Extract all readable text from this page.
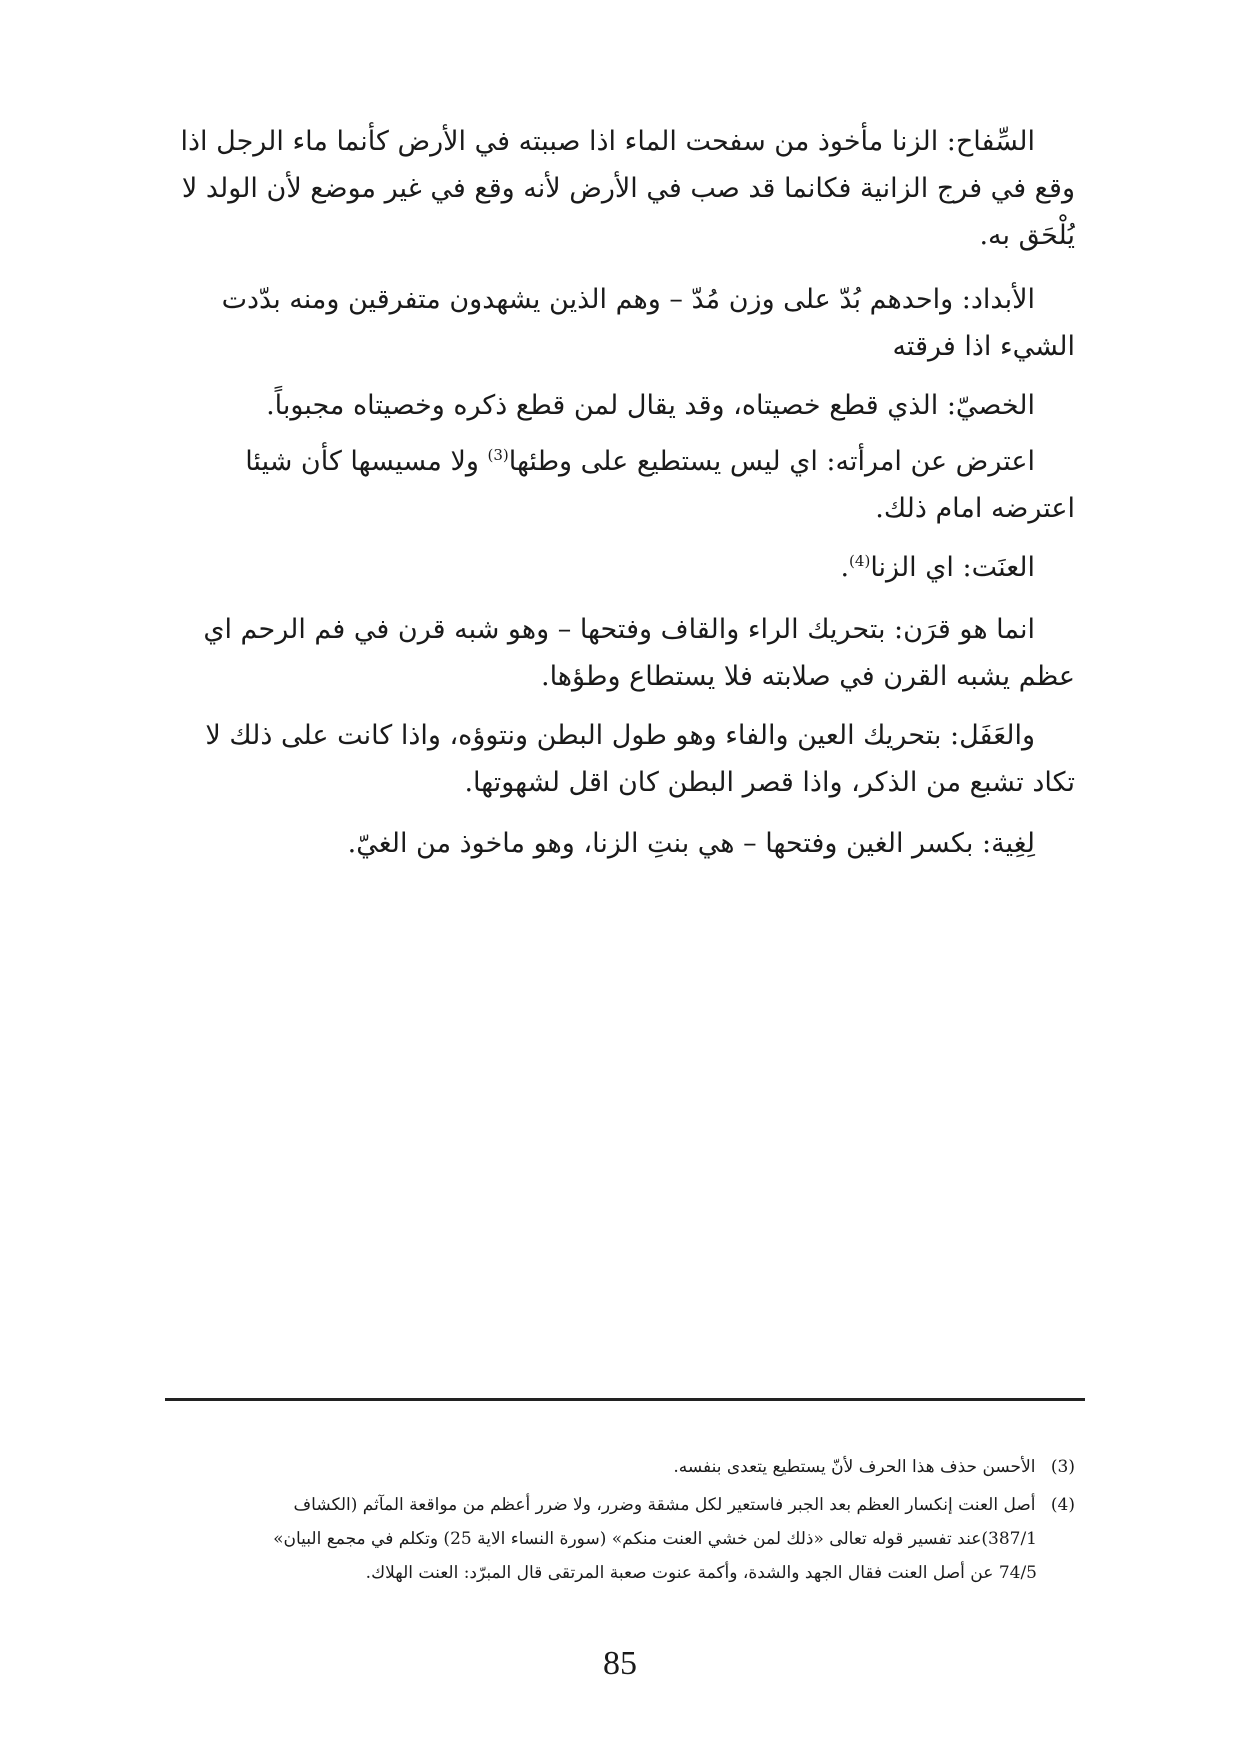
السِّفاح: الزنا مأخوذ من سفحت الماء اذا صببته في الأرض كأنما ماء الرجل اذا
وقع في فرج الزانية فكانما قد صب في الأرض لأنه وقع في غير موضع لأن الولد لا
يُلْحَق به.
الأبداد: واحدهم بُدّ على وزن مُدّ – وهم الذين يشهدون متفرقين ومنه بدّدت
الشيء اذا فرقته
الخصيّ: الذي قطع خصيتاه، وقد يقال لمن قطع ذكره وخصيتاه مجبوباً.
اعترض عن امرأته: اي ليس يستطيع على وطئها$^{(3)}$ ولا مسيسها كأن شيئا
اعترضه امام ذلك.
العنَت: اي الزنا$^{(4)}$.
انما هو قرَن: بتحريك الراء والقاف وفتحها – وهو شبه قرن في فم الرحم اي
عظم يشبه القرن في صلابته فلا يستطاع وطؤها.
والعَفَل: بتحريك العين والفاء وهو طول البطن ونتوؤه، واذا كانت على ذلك لا
تكاد تشبع من الذكر، واذا قصر البطن كان اقل لشهوتها.
لِغِية: بكسر الغين وفتحها – هي بنتِ الزنا، وهو ماخوذ من الغيّ.
(3) الأحسن حذف هذا الحرف لأنّ يستطيع يتعدى بنفسه.
(4) أصل العنت إنكسار العظم بعد الجبر فاستعير لكل مشقة وضرر، ولا ضرر أعظم من مواقعة المآثم (الكشاف
387/1)عند تفسير قوله تعالى «ذلك لمن خشي العنت منكم» (سورة النساء الاية 25) وتكلم في مجمع البيان»
74/5 عن أصل العنت فقال الجهد والشدة، وأكمة عنوت صعبة المرتقى قال المبرّد: العنت الهلاك.
85
